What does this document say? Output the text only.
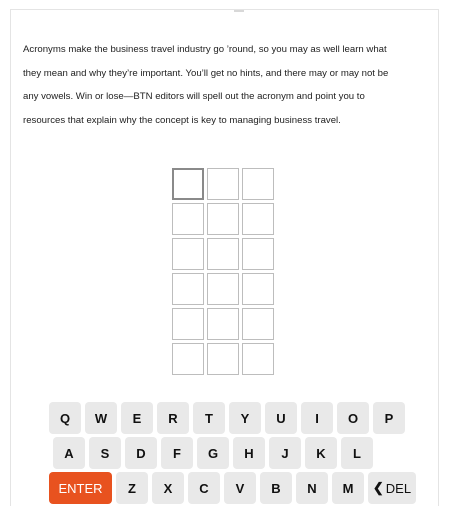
Acronyms make the business travel industry go ’round, so you may as well learn what

they mean and why they’re important. You’ll get no hints, and there may or may not be

any vowels. Win or lose—BTN editors will spell out the acronym and point you to

resources that explain why the concept is key to managing business travel.

Q	W	E	R	T	Y	U	I	O	P
A	S	D	F	G	H	J	K	L
ENTER	Z	X	C	V	B	N	M	❮ DEL
